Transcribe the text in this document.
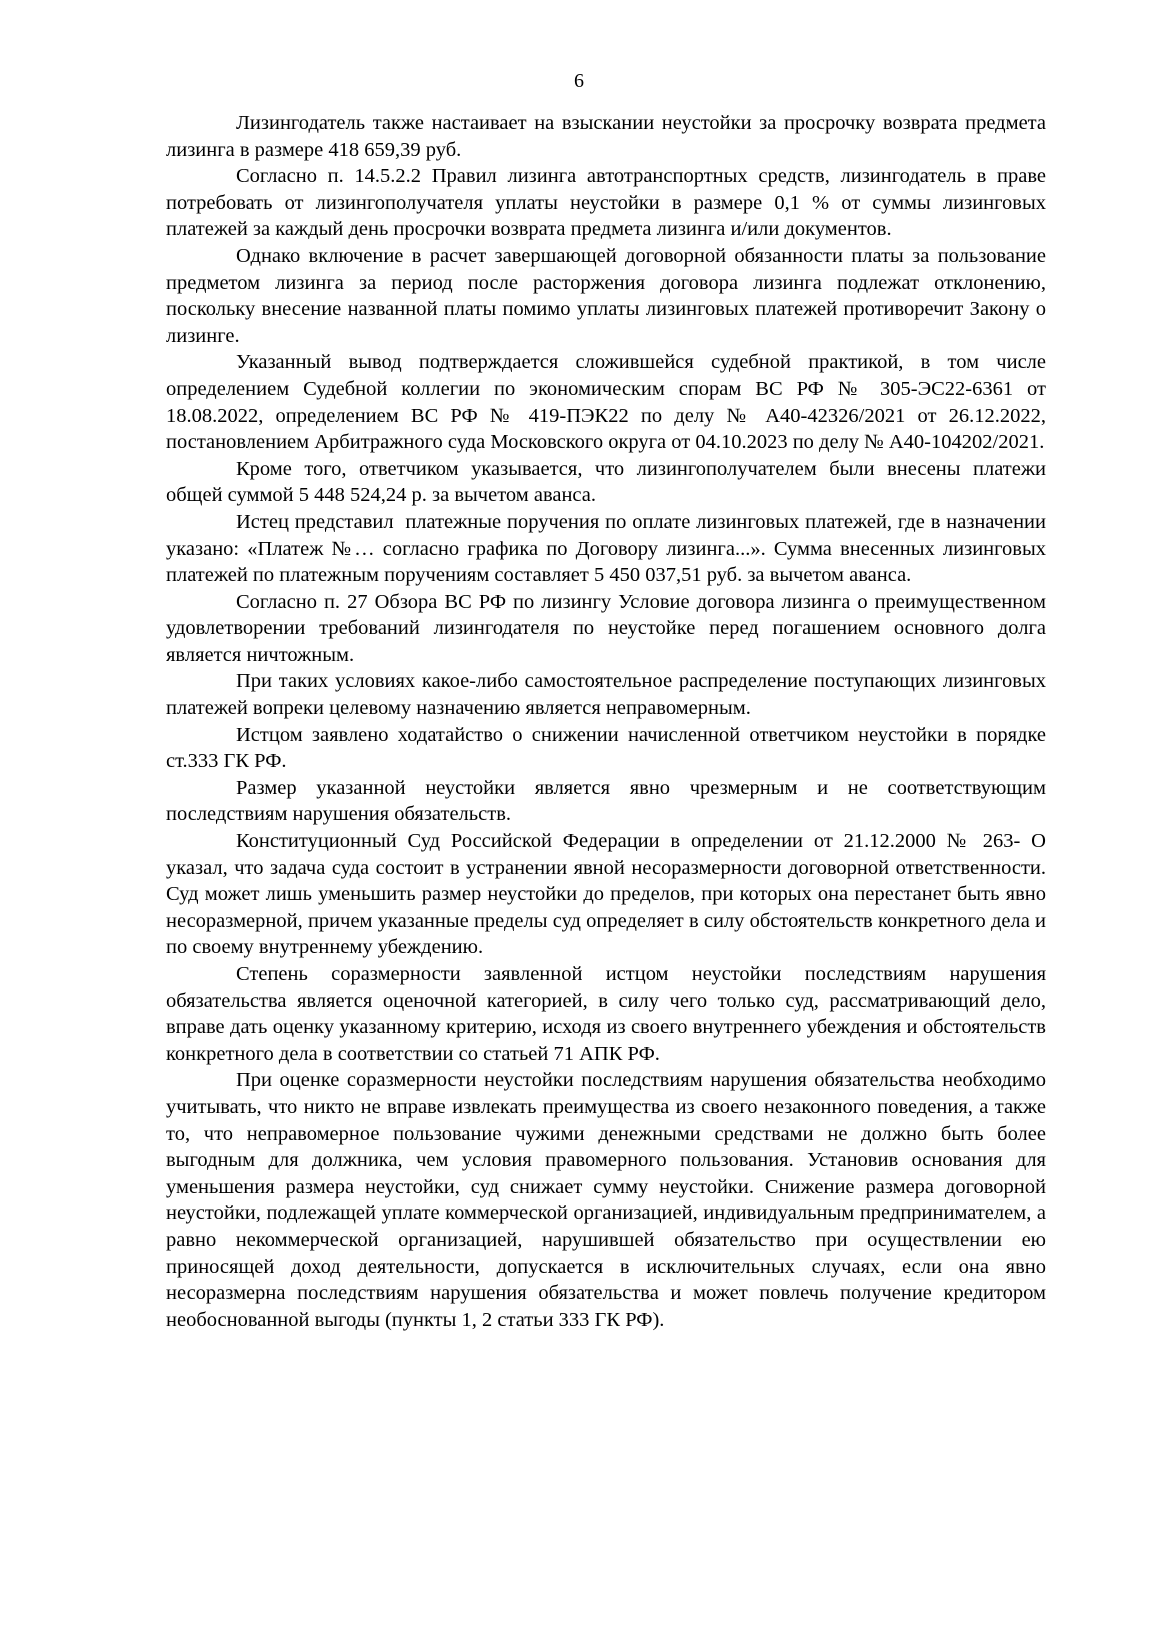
6

Лизингодатель также настаивает на взыскании неустойки за просрочку возврата предмета лизинга в размере 418 659,39 руб.

Согласно п. 14.5.2.2 Правил лизинга автотранспортных средств, лизингодатель в праве потребовать от лизингополучателя уплаты неустойки в размере 0,1 % от суммы лизинговых платежей за каждый день просрочки возврата предмета лизинга и/или документов.

Однако включение в расчет завершающей договорной обязанности платы за пользование предметом лизинга за период после расторжения договора лизинга подлежат отклонению, поскольку внесение названной платы помимо уплаты лизинговых платежей противоречит Закону о лизинге.

Указанный вывод подтверждается сложившейся судебной практикой, в том числе определением Судебной коллегии по экономическим спорам ВС РФ № 305-ЭС22-6361 от 18.08.2022, определением ВС РФ № 419-ПЭК22 по делу № А40-42326/2021 от 26.12.2022, постановлением Арбитражного суда Московского округа от 04.10.2023 по делу № А40-104202/2021.

Кроме того, ответчиком указывается, что лизингополучателем были внесены платежи общей суммой 5 448 524,24 р. за вычетом аванса.

Истец представил  платежные поручения по оплате лизинговых платежей, где в назначении указано: «Платеж №… согласно графика по Договору лизинга...». Сумма внесенных лизинговых платежей по платежным поручениям составляет 5 450 037,51 руб. за вычетом аванса.

Согласно п. 27 Обзора ВС РФ по лизингу Условие договора лизинга о преимущественном удовлетворении требований лизингодателя по неустойке перед погашением основного долга является ничтожным.

При таких условиях какое-либо самостоятельное распределение поступающих лизинговых платежей вопреки целевому назначению является неправомерным.

Истцом заявлено ходатайство о снижении начисленной ответчиком неустойки в порядке ст.333 ГК РФ.

Размер указанной неустойки является явно чрезмерным и не соответствующим последствиям нарушения обязательств.

Конституционный Суд Российской Федерации в определении от 21.12.2000 № 263- О указал, что задача суда состоит в устранении явной несоразмерности договорной ответственности. Суд может лишь уменьшить размер неустойки до пределов, при которых она перестанет быть явно несоразмерной, причем указанные пределы суд определяет в силу обстоятельств конкретного дела и по своему внутреннему убеждению.

Степень соразмерности заявленной истцом неустойки последствиям нарушения обязательства является оценочной категорией, в силу чего только суд, рассматривающий дело, вправе дать оценку указанному критерию, исходя из своего внутреннего убеждения и обстоятельств конкретного дела в соответствии со статьей 71 АПК РФ.

При оценке соразмерности неустойки последствиям нарушения обязательства необходимо учитывать, что никто не вправе извлекать преимущества из своего незаконного поведения, а также то, что неправомерное пользование чужими денежными средствами не должно быть более выгодным для должника, чем условия правомерного пользования. Установив основания для уменьшения размера неустойки, суд снижает сумму неустойки. Снижение размера договорной неустойки, подлежащей уплате коммерческой организацией, индивидуальным предпринимателем, а равно некоммерческой организацией, нарушившей обязательство при осуществлении ею приносящей доход деятельности, допускается в исключительных случаях, если она явно несоразмерна последствиям нарушения обязательства и может повлечь получение кредитором необоснованной выгоды (пункты 1, 2 статьи 333 ГК РФ).
